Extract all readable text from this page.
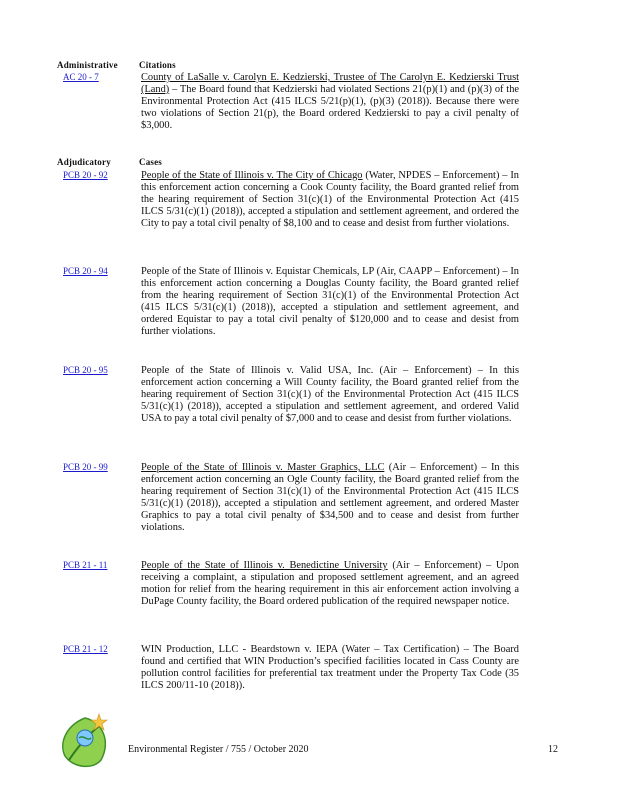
Administrative Citations
AC 20 - 7	County of LaSalle v. Carolyn E. Kedzierski, Trustee of The Carolyn E. Kedzierski Trust (Land) – The Board found that Kedzierski had violated Sections 21(p)(1) and (p)(3) of the Environmental Protection Act (415 ILCS 5/21(p)(1), (p)(3) (2018)). Because there were two violations of Section 21(p), the Board ordered Kedzierski to pay a civil penalty of $3,000.
Adjudicatory	Cases
PCB 20 - 92	People of the State of Illinois v. The City of Chicago (Water, NPDES – Enforcement) – In this enforcement action concerning a Cook County facility, the Board granted relief from the hearing requirement of Section 31(c)(1) of the Environmental Protection Act (415 ILCS 5/31(c)(1) (2018)), accepted a stipulation and settlement agreement, and ordered the City to pay a total civil penalty of $8,100 and to cease and desist from further violations.
PCB 20 - 94	People of the State of Illinois v. Equistar Chemicals, LP (Air, CAAPP – Enforcement) – In this enforcement action concerning a Douglas County facility, the Board granted relief from the hearing requirement of Section 31(c)(1) of the Environmental Protection Act (415 ILCS 5/31(c)(1) (2018)), accepted a stipulation and settlement agreement, and ordered Equistar to pay a total civil penalty of $120,000 and to cease and desist from further violations.
PCB 20 - 95	People of the State of Illinois v. Valid USA, Inc. (Air – Enforcement) – In this enforcement action concerning a Will County facility, the Board granted relief from the hearing requirement of Section 31(c)(1) of the Environmental Protection Act (415 ILCS 5/31(c)(1) (2018)), accepted a stipulation and settlement agreement, and ordered Valid USA to pay a total civil penalty of $7,000 and to cease and desist from further violations.
PCB 20 - 99	People of the State of Illinois v. Master Graphics, LLC (Air – Enforcement) – In this enforcement action concerning an Ogle County facility, the Board granted relief from the hearing requirement of Section 31(c)(1) of the Environmental Protection Act (415 ILCS 5/31(c)(1) (2018)), accepted a stipulation and settlement agreement, and ordered Master Graphics to pay a total civil penalty of $34,500 and to cease and desist from further violations.
PCB 21 - 11	People of the State of Illinois v. Benedictine University (Air – Enforcement) – Upon receiving a complaint, a stipulation and proposed settlement agreement, and an agreed motion for relief from the hearing requirement in this air enforcement action involving a DuPage County facility, the Board ordered publication of the required newspaper notice.
PCB 21 - 12	WIN Production, LLC - Beardstown v. IEPA (Water – Tax Certification) – The Board found and certified that WIN Production’s specified facilities located in Cass County are pollution control facilities for preferential tax treatment under the Property Tax Code (35 ILCS 200/11-10 (2018)).
Environmental Register / 755 / October 2020	12
